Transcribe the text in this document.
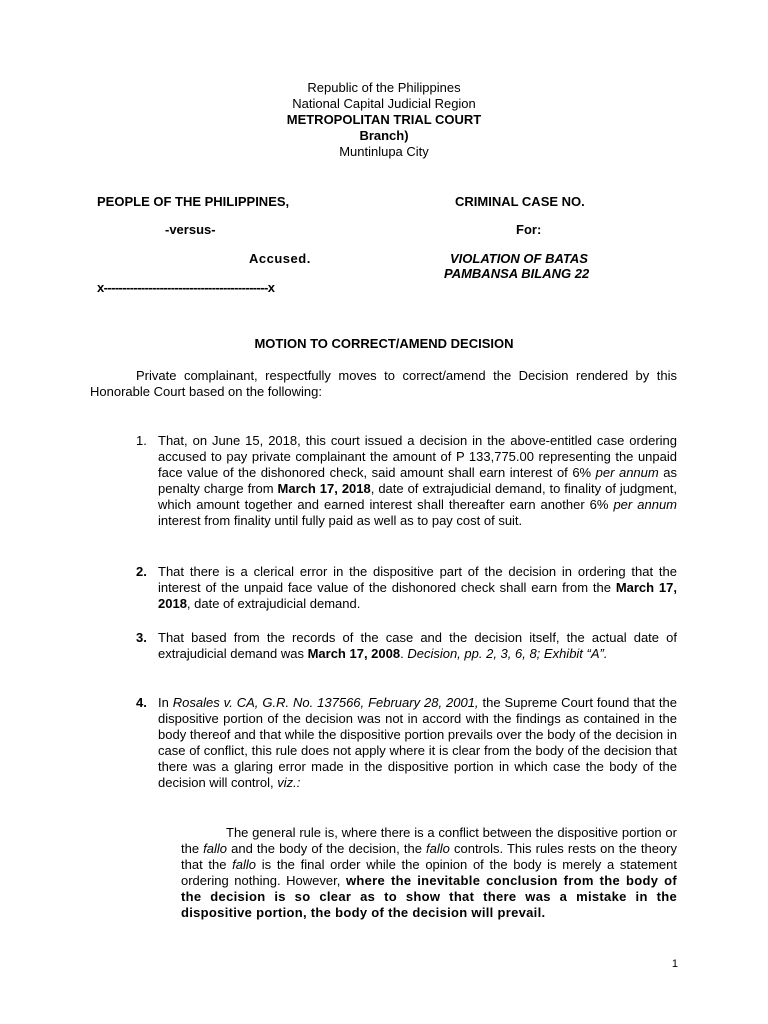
Republic of the Philippines
National Capital Judicial Region
METROPOLITAN TRIAL COURT
Branch)
Muntinlupa City
PEOPLE OF THE PHILIPPINES,
-versus-
Accused.
x--------------------------------------------x
CRIMINAL CASE NO.
For:
VIOLATION OF BATAS
PAMBANSA BILANG 22
MOTION TO CORRECT/AMEND DECISION
Private complainant, respectfully moves to correct/amend the Decision rendered by this Honorable Court based on the following:
1. That, on June 15, 2018, this court issued a decision in the above-entitled case ordering accused to pay private complainant the amount of P 133,775.00 representing the unpaid face value of the dishonored check, said amount shall earn interest of 6% per annum as penalty charge from March 17, 2018, date of extrajudicial demand, to finality of judgment, which amount together and earned interest shall thereafter earn another 6% per annum interest from finality until fully paid as well as to pay cost of suit.
2. That there is a clerical error in the dispositive part of the decision in ordering that the interest of the unpaid face value of the dishonored check shall earn from the March 17, 2018, date of extrajudicial demand.
3. That based from the records of the case and the decision itself, the actual date of extrajudicial demand was March 17, 2008. Decision, pp. 2, 3, 6, 8; Exhibit “A”.
4. In Rosales v. CA, G.R. No. 137566, February 28, 2001, the Supreme Court found that the dispositive portion of the decision was not in accord with the findings as contained in the body thereof and that while the dispositive portion prevails over the body of the decision in case of conflict, this rule does not apply where it is clear from the body of the decision that there was a glaring error made in the dispositive portion in which case the body of the decision will control, viz.:
The general rule is, where there is a conflict between the dispositive portion or the fallo and the body of the decision, the fallo controls. This rules rests on the theory that the fallo is the final order while the opinion of the body is merely a statement ordering nothing. However, where the inevitable conclusion from the body of the decision is so clear as to show that there was a mistake in the dispositive portion, the body of the decision will prevail.
1
